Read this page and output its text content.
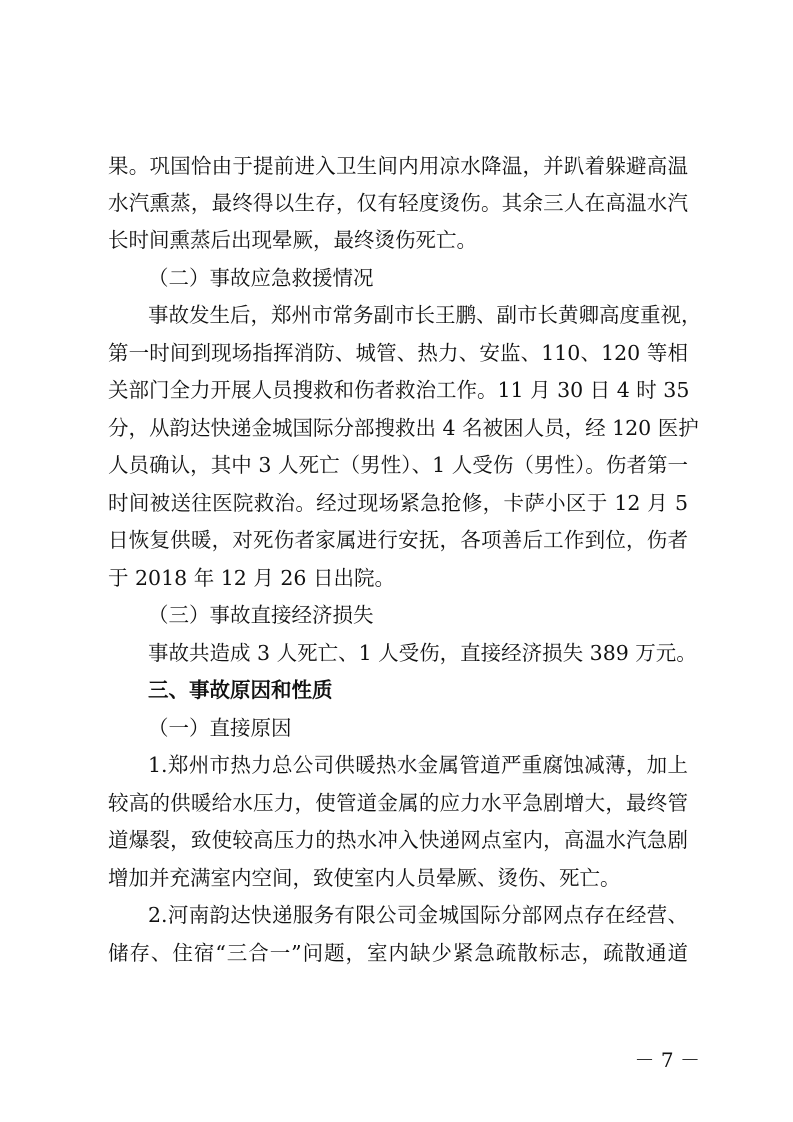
果。巩国恰由于提前进入卫生间内用凉水降温，并趴着躲避高温
水汽熏蒸，最终得以生存，仅有轻度烫伤。其余三人在高温水汽
长时间熏蒸后出现晕厥，最终烫伤死亡。
（二）事故应急救援情况
事故发生后，郑州市常务副市长王鹏、副市长黄卿高度重视，
第一时间到现场指挥消防、城管、热力、安监、110、120 等相
关部门全力开展人员搜救和伤者救治工作。11 月 30 日 4 时 35
分，从韵达快递金城国际分部搜救出 4 名被困人员，经 120 医护
人员确认，其中 3 人死亡（男性）、1 人受伤（男性）。伤者第一
时间被送往医院救治。经过现场紧急抢修，卡萨小区于 12 月 5
日恢复供暖，对死伤者家属进行安抚，各项善后工作到位，伤者
于 2018 年 12 月 26 日出院。
（三）事故直接经济损失
事故共造成 3 人死亡、1 人受伤，直接经济损失 389 万元。
三、事故原因和性质
（一）直接原因
1.郑州市热力总公司供暖热水金属管道严重腐蚀减薄，加上
较高的供暖给水压力，使管道金属的应力水平急剧增大，最终管
道爆裂，致使较高压力的热水冲入快递网点室内，高温水汽急剧
增加并充满室内空间，致使室内人员晕厥、烫伤、死亡。
2.河南韵达快递服务有限公司金城国际分部网点存在经营、
储存、住宿“三合一”问题，室内缺少紧急疏散标志，疏散通道
－ 7 －
